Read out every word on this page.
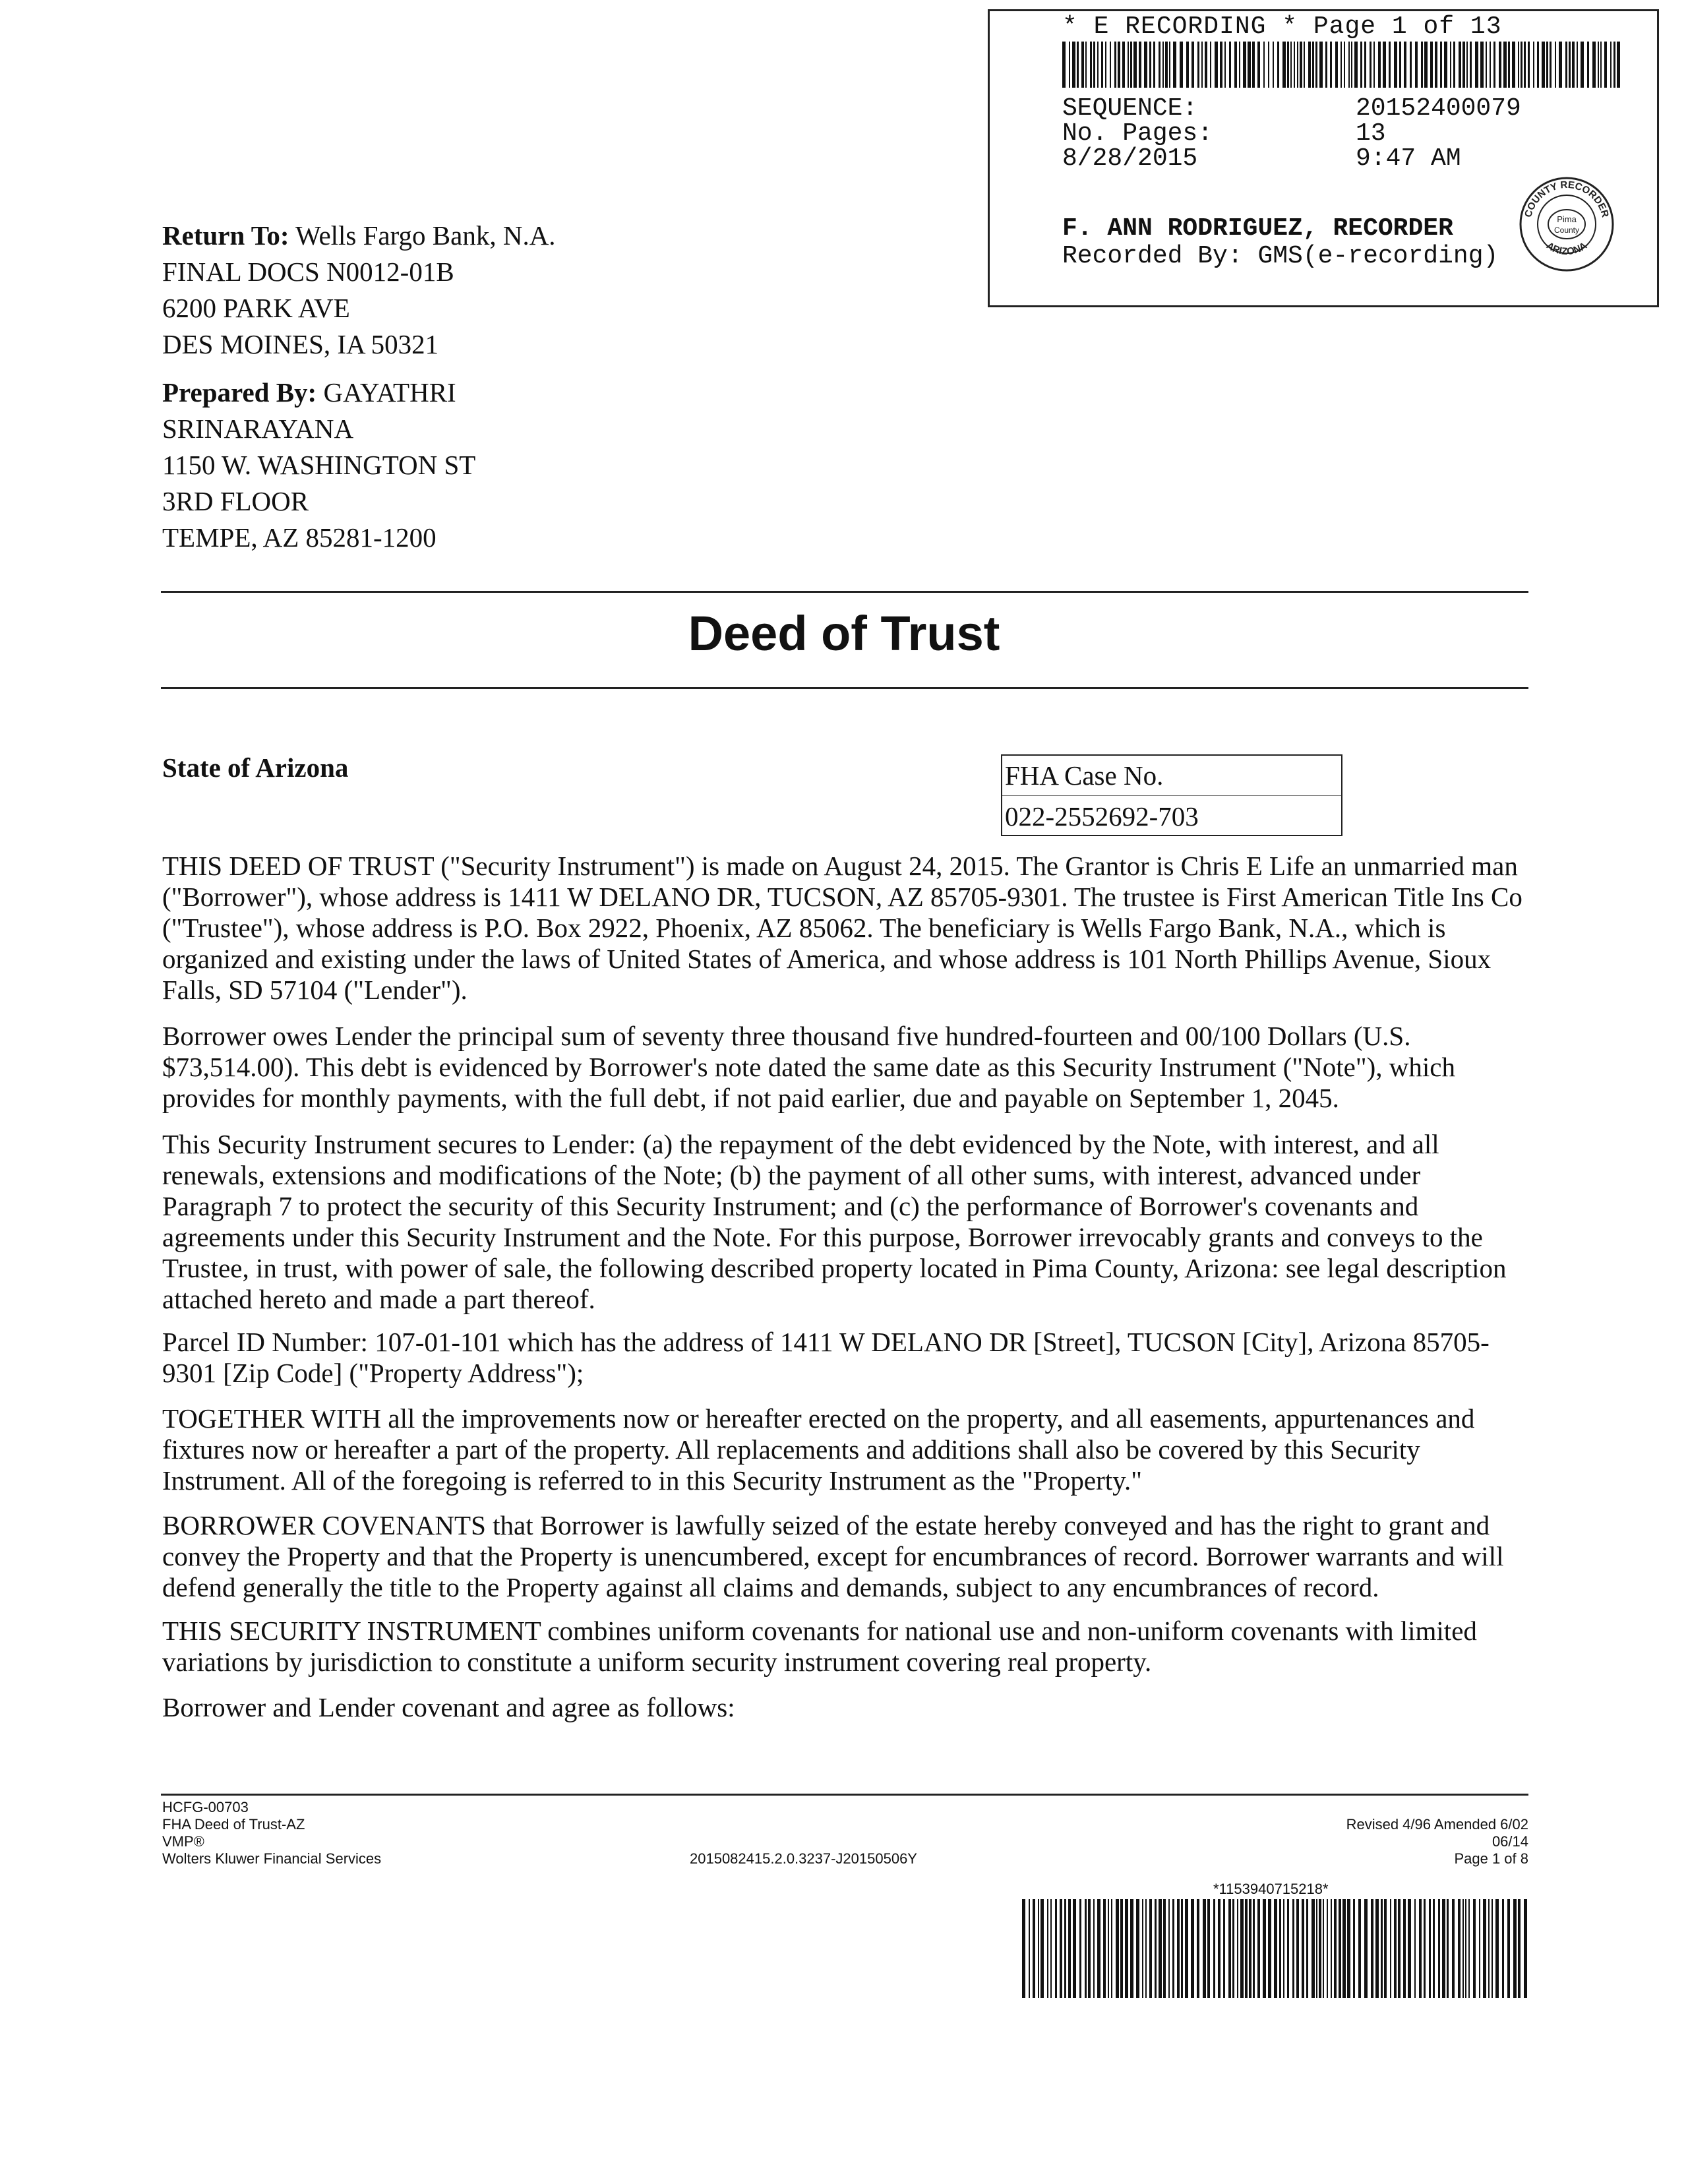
* E RECORDING * Page 1 of 13
SEQUENCE:	20152400079
No. Pages:	13
8/28/2015	9:47 AM
F. ANN RODRIGUEZ, RECORDER
Recorded By: GMS(e-recording)
COUNTY RECORDER
ARIZONA
Pima
County
Return To: Wells Fargo Bank, N.A.
FINAL DOCS N0012-01B
6200 PARK AVE
DES MOINES, IA 50321
Prepared By: GAYATHRI
SRINARAYANA
1150 W. WASHINGTON ST
3RD FLOOR
TEMPE, AZ 85281-1200
Deed of Trust
State of Arizona	FHA Case No.
022-2552692-703

THIS DEED OF TRUST ("Security Instrument") is made on August 24, 2015. The Grantor is Chris E Life an unmarried man ("Borrower"), whose address is 1411 W DELANO DR, TUCSON, AZ 85705-9301. The trustee is First American Title Ins Co ("Trustee"), whose address is P.O. Box 2922, Phoenix, AZ 85062. The beneficiary is Wells Fargo Bank, N.A., which is organized and existing under the laws of United States of America, and whose address is 101 North Phillips Avenue, Sioux Falls, SD 57104 ("Lender").

Borrower owes Lender the principal sum of seventy three thousand five hundred-fourteen and 00/100 Dollars (U.S. $73,514.00). This debt is evidenced by Borrower's note dated the same date as this Security Instrument ("Note"), which provides for monthly payments, with the full debt, if not paid earlier, due and payable on September 1, 2045.

This Security Instrument secures to Lender: (a) the repayment of the debt evidenced by the Note, with interest, and all renewals, extensions and modifications of the Note; (b) the payment of all other sums, with interest, advanced under Paragraph 7 to protect the security of this Security Instrument; and (c) the performance of Borrower's covenants and agreements under this Security Instrument and the Note. For this purpose, Borrower irrevocably grants and conveys to the Trustee, in trust, with power of sale, the following described property located in Pima County, Arizona: see legal description attached hereto and made a part thereof.

Parcel ID Number: 107-01-101 which has the address of 1411 W DELANO DR [Street], TUCSON [City], Arizona 85705-9301 [Zip Code] ("Property Address");

TOGETHER WITH all the improvements now or hereafter erected on the property, and all easements, appurtenances and fixtures now or hereafter a part of the property. All replacements and additions shall also be covered by this Security Instrument. All of the foregoing is referred to in this Security Instrument as the "Property."

BORROWER COVENANTS that Borrower is lawfully seized of the estate hereby conveyed and has the right to grant and convey the Property and that the Property is unencumbered, except for encumbrances of record. Borrower warrants and will defend generally the title to the Property against all claims and demands, subject to any encumbrances of record.

THIS SECURITY INSTRUMENT combines uniform covenants for national use and non-uniform covenants with limited variations by jurisdiction to constitute a uniform security instrument covering real property.

Borrower and Lender covenant and agree as follows:

HCFG-00703
FHA Deed of Trust-AZ
VMP®
Wolters Kluwer Financial Services	2015082415.2.0.3237-J20150506Y
Revised 4/96 Amended 6/02
06/14
Page 1 of 8
*1153940715218*
